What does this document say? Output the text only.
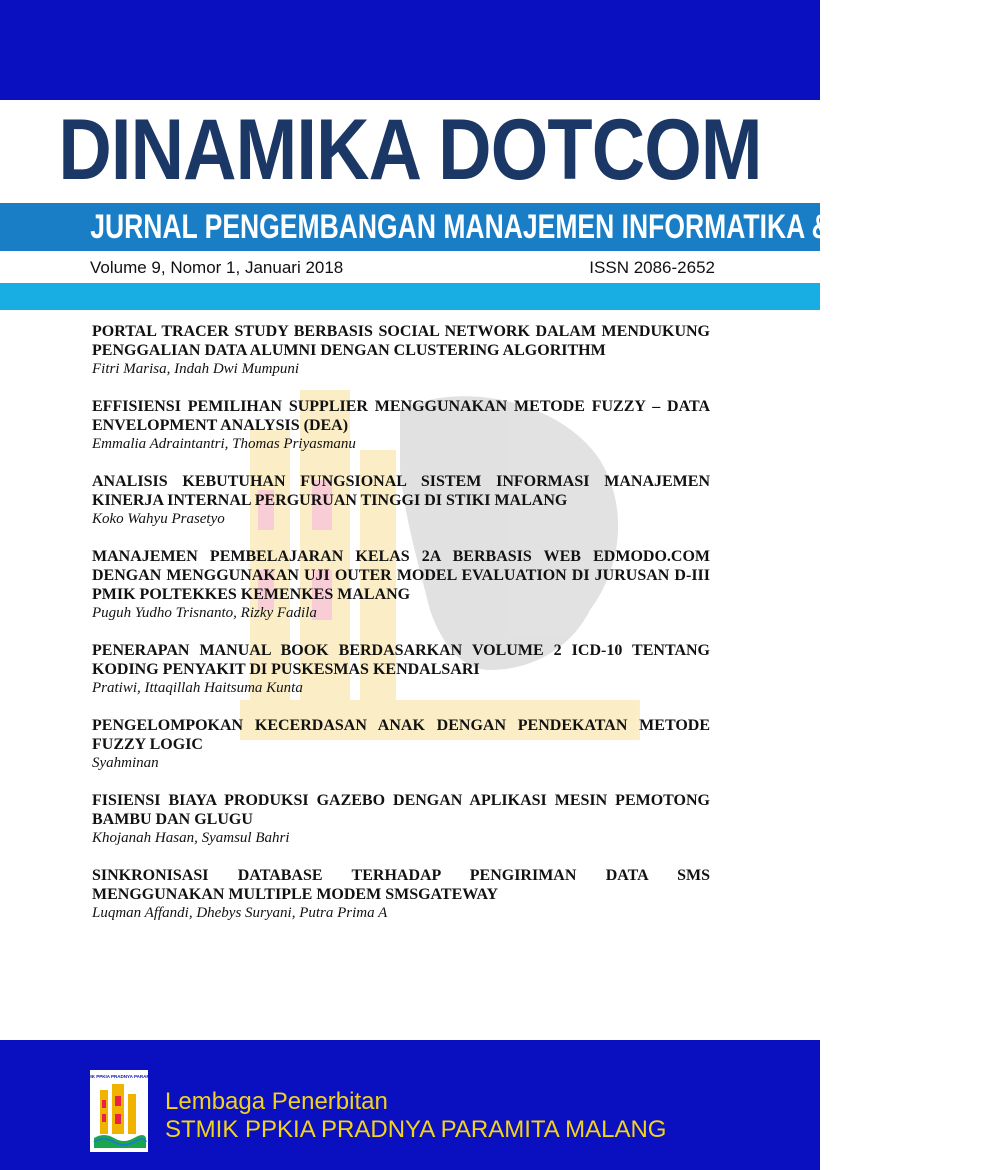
DINAMIKA DOTCOM
JURNAL PENGEMBANGAN MANAJEMEN INFORMATIKA & KOMPUTER
Volume 9, Nomor 1, Januari 2018	ISSN 2086-2652
PORTAL TRACER STUDY BERBASIS SOCIAL NETWORK DALAM MENDUKUNG PENGGALIAN DATA ALUMNI DENGAN CLUSTERING ALGORITHM
Fitri Marisa, Indah Dwi Mumpuni
EFFISIENSI PEMILIHAN SUPPLIER MENGGUNAKAN METODE FUZZY – DATA ENVELOPMENT ANALYSIS (DEA)
Emmalia Adraintantri, Thomas Priyasmanu
ANALISIS KEBUTUHAN FUNGSIONAL SISTEM INFORMASI MANAJEMEN KINERJA INTERNAL PERGURUAN TINGGI DI STIKI MALANG
Koko Wahyu Prasetyo
MANAJEMEN PEMBELAJARAN KELAS 2A BERBASIS WEB EDMODO.COM DENGAN MENGGUNAKAN UJI OUTER MODEL EVALUATION DI JURUSAN D-III PMIK POLTEKKES KEMENKES MALANG
Puguh Yudho Trisnanto, Rizky Fadila
PENERAPAN MANUAL BOOK BERDASARKAN VOLUME 2 ICD-10 TENTANG KODING PENYAKIT DI PUSKESMAS KENDALSARI
Pratiwi, Ittaqillah Haitsuma Kunta
PENGELOMPOKAN KECERDASAN ANAK DENGAN PENDEKATAN METODE FUZZY LOGIC
Syahminan
FISIENSI BIAYA PRODUKSI GAZEBO DENGAN APLIKASI MESIN PEMOTONG BAMBU DAN GLUGU
Khojanah Hasan, Syamsul Bahri
SINKRONISASI DATABASE TERHADAP PENGIRIMAN DATA SMS MENGGUNAKAN MULTIPLE MODEM SMSGATEWAY
Luqman Affandi, Dhebys Suryani, Putra Prima A
STMIK PPKIA PRADNYA PARAMITA
Lembaga Penerbitan
STMIK PPKIA PRADNYA PARAMITA MALANG
